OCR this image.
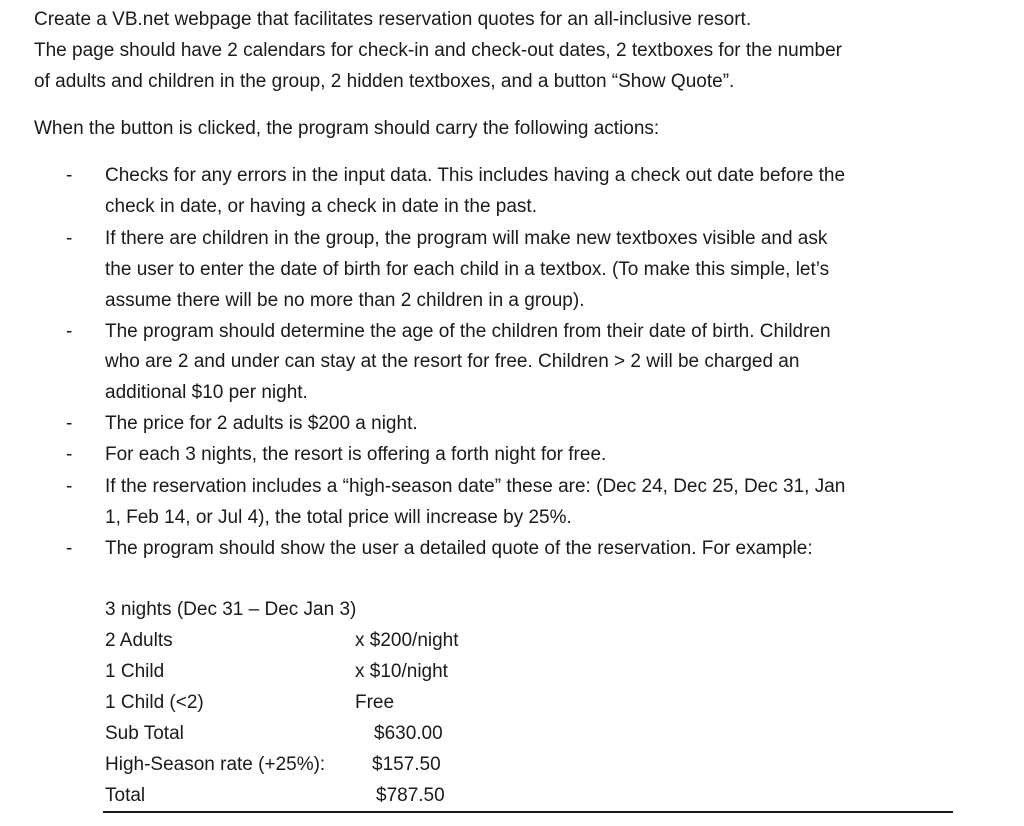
Create a VB.net webpage that facilitates reservation quotes for an all-inclusive resort.
The page should have 2 calendars for check-in and check-out dates, 2 textboxes for the number
of adults and children in the group, 2 hidden textboxes, and a button “Show Quote”.
When the button is clicked, the program should carry the following actions:
- Checks for any errors in the input data. This includes having a check out date before the
check in date, or having a check in date in the past.
- If there are children in the group, the program will make new textboxes visible and ask
the user to enter the date of birth for each child in a textbox. (To make this simple, let’s
assume there will be no more than 2 children in a group).
- The program should determine the age of the children from their date of birth. Children
who are 2 and under can stay at the resort for free. Children > 2 will be charged an
additional $10 per night.
- The price for 2 adults is $200 a night.
- For each 3 nights, the resort is offering a forth night for free.
- If the reservation includes a “high-season date” these are: (Dec 24, Dec 25, Dec 31, Jan
1, Feb 14, or Jul 4), the total price will increase by 25%.
- The program should show the user a detailed quote of the reservation. For example:
3 nights (Dec 31 – Dec Jan 3)
2 Adults	x $200/night
1 Child	x $10/night
1 Child (<2)	Free
Sub Total	$630.00
High-Season rate (+25%): $157.50
Total	$787.50
